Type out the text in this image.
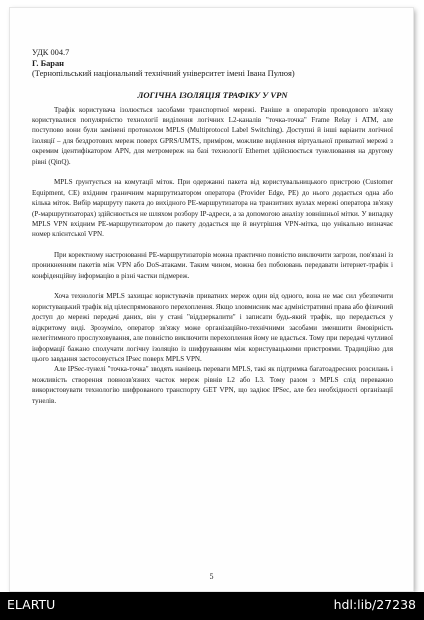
УДК 004.7
Г. Баран
(Тернопільський національний технічний університет імені Івана Пулюя)
ЛОГІЧНА ІЗОЛЯЦІЯ ТРАФІКУ У VPN

Трафік користувача ізолюється засобами транспортної мережі. Раніше в операторів проводового зв'язку користувалися популярністю технології виділення логічних L2-каналів "точка-точка" Frame Relay і ATM, але поступово вони були замінені протоколом MPLS (Multiprotocol Label Switching). Доступні й інші варіанти логічної ізоляції – для бездротових мереж поверх GPRS/UMTS, приміром, можливе виділення віртуальної приватної мережі з окремим ідентифікатором APN, для метромереж на базі технології Ethernet здійснюється тунелювання на другому рівні (QinQ).

MPLS ґрунтується на комутації міток. При одержанні пакета від користувальницького пристрою (Customer Equipment, CE) вхідним граничним маршрутизатором оператора (Provider Edge, PE) до нього додається одна або кілька міток. Вибір маршруту пакета до вихідного PE-маршрутизатора на транзитних вузлах мережі оператора зв'язку (P-маршрутизаторах) здійснюється не шляхом розбору IP-адреси, а за допомогою аналізу зовнішньої мітки. У випадку MPLS VPN вхідним PE-маршрутизатором до пакету додасться ще й внутрішня VPN-мітка, що унікально визначає номер клієнтської VPN.

При коректному настроюванні PE-маршрутизаторів можна практично повністю виключити загрози, пов'язані із проникненням пакетів між VPN або DoS-атаками. Таким чином, можна без побоювань передавати інтернет-трафік і конфіденційну інформацію в різні частки підмереж.

Хоча технологія MPLS захищає користувачів приватних мереж один від одного, вона не має сил убезпечити користувацький трафік від цілеспрямованого перехоплення. Якщо зловмисник має адміністративні права або фізичний доступ до мережі передачі даних, він у стані "віддзеркалити" і записати будь-який трафік, що передається у відкритому виді. Зрозуміло, оператор зв'язку може організаційно-технічними засобами зменшити ймовірність нелегітимного прослуховування, але повністю виключити перехоплення йому не вдасться. Тому при передачі чутливої інформації бажано сполучати логічну ізоляцію із шифруванням між користувацькими пристроями. Традиційно для цього завдання застосовується IPsec поверх MPLS VPN.

Але IPSec-тунелі "точка-точка" зводять нанівець переваги MPLS, такі як підтримка багатоадресних розсилань і можливість створення повнозв'язних часток мереж рівнів L2 або L3. Тому разом з MPLS слід переважно використовувати технологію шифрованого транспорту GET VPN, що задіює IPSec, але без необхідності організації тунелів.

5
ELARTU	hdl:lib/27238
